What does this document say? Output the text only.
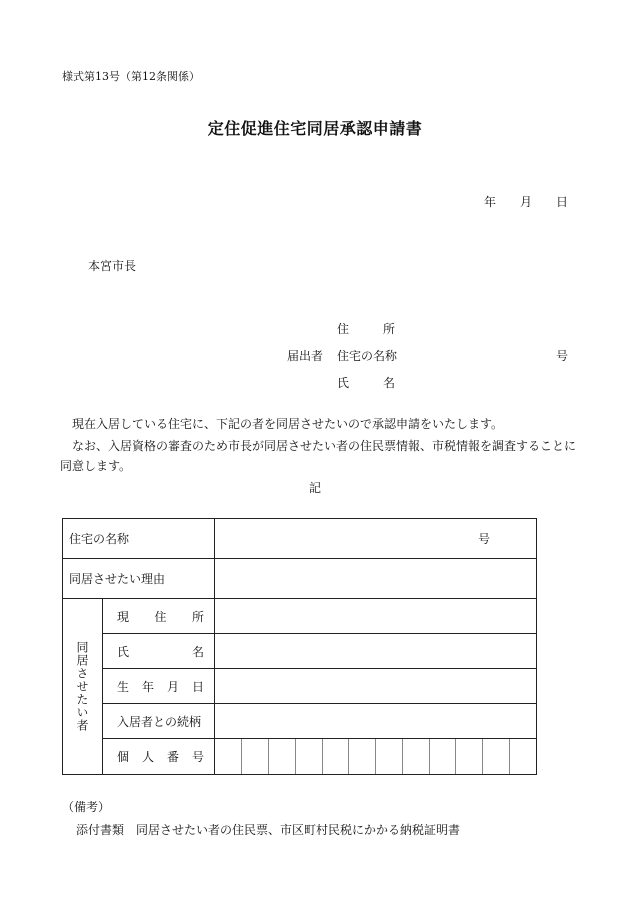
様式第13号（第12条関係）
定住促進住宅同居承認申請書
年 月 日
本宮市長
住	所
届出者 住宅の名称	号
氏	名
現在入居している住宅に、下記の者を同居させたいので承認申請をいたします。
なお、入居資格の審査のため市長が同居させたい者の住民票情報、市税情報を調査することに同意します。
記
住宅の名称	号
同居させたい理由	

同居させたい者

現 住 所

氏	名

生 年 月 日

入居者との続柄	

個 人 番 号

（備考）
添付書類 同居させたい者の住民票、市区町村民税にかかる納税証明書
